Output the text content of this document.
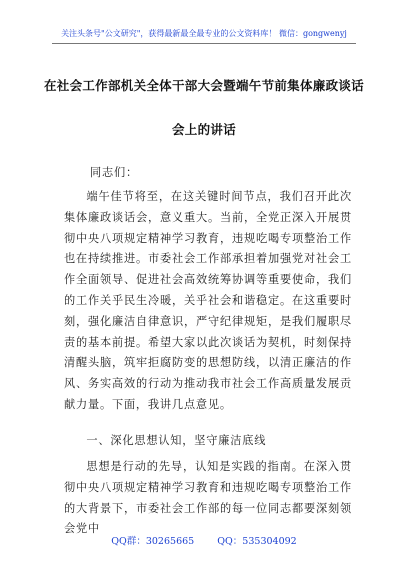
关注头条号"公文研究"，获得最新最全最专业的公文资料库！ 微信：gongwenyj
在社会工作部机关全体干部大会暨端午节前集体廉政谈话
会上的讲话
同志们：
端午佳节将至，在这关键时间节点，我们召开此次集体廉政谈话会，意义重大。当前，全党正深入开展贯彻中央八项规定精神学习教育，违规吃喝专项整治工作也在持续推进。市委社会工作部承担着加强党对社会工作全面领导、促进社会高效统筹协调等重要使命，我们的工作关乎民生冷暖，关乎社会和谐稳定。在这重要时刻，强化廉洁自律意识，严守纪律规矩，是我们履职尽责的基本前提。希望大家以此次谈话为契机，时刻保持清醒头脑，筑牢拒腐防变的思想防线，以清正廉洁的作风、务实高效的行动为推动我市社会工作高质量发展贡献力量。下面，我讲几点意见。
一、深化思想认知，坚守廉洁底线
思想是行动的先导，认知是实践的指南。在深入贯彻中央八项规定精神学习教育和违规吃喝专项整治工作的大背景下，市委社会工作部的每一位同志都要深刻领会党中
QQ群：30265665 QQ：535304092
